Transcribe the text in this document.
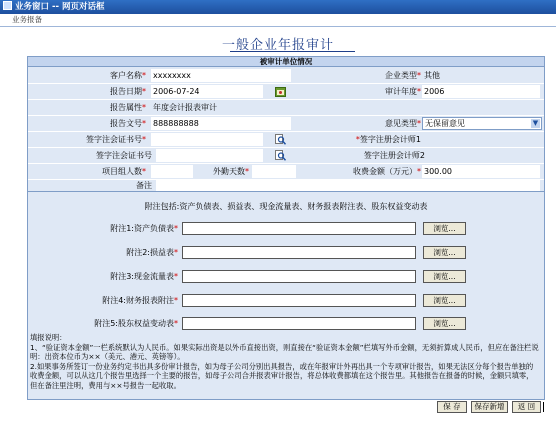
业务窗口 -- 网页对话框
业务报备
一般企业年报审计
被审计单位情况
客户名称* xxxxxxxx	企业类型* 其他
报告日期* 2006-07-24	审计年度* 2006
报告属性* 年度会计报表审计
报告文号* 888888888	意见类型* 无保留意见	▼
签字注会证书号*	*签字注册会计师1
签字注会证书号	签字注册会计师2
项目组人数*	外勤天数*	收费金额（万元）* 300.00
备注
附注包括:资产负债表、损益表、现金流量表、财务报表附注表、股东权益变动表
附注1:资产负债表*	浏览...
附注2:损益表*	浏览...
附注3:现金流量表*	浏览...
附注4:财务报表附注*	浏览...
附注5:股东权益变动表*	浏览...

填报说明：

1、“验证资本金额”一栏系统默认为人民币。如果实际出资是以外币直接出资，则直接在“验证资本金额”栏填写外币金额，无须折算成人民币，但应在备注栏说明：出资本位币为××（美元、港元、英镑等）。

2.如果事务所签订一份业务约定书出具多份审计报告，如为母子公司分别出具报告，或在年报审计外再出具一个专项审计报告，如果无法区分每个报告单独的收费金额，可以从这几个报告里选择一个主要的报告，如母子公司合并报表审计报告，将总体收费都填在这个报告里。其他报告在报备的时候，金额只填零，但在备注里注明，费用与××号报告一起收取。

保 存	保存新增	返 回
